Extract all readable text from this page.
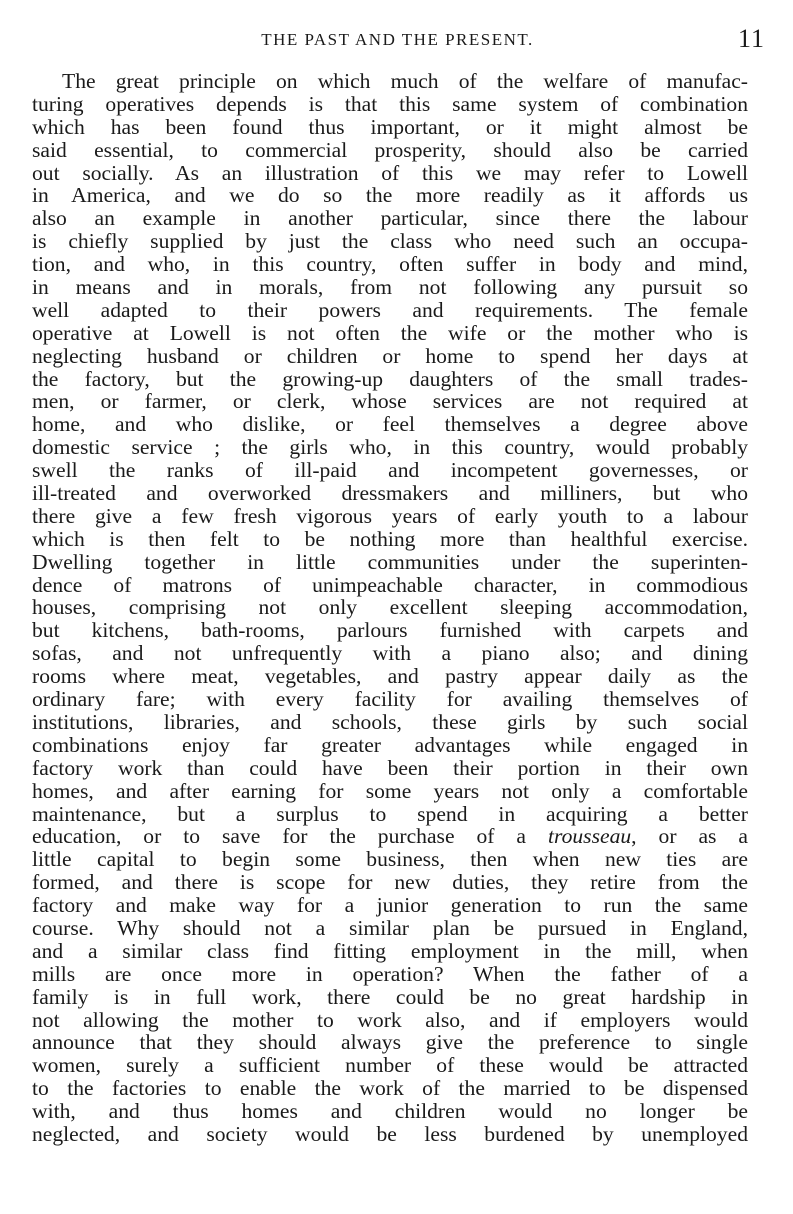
THE PAST AND THE PRESENT.	11
The great principle on which much of the welfare of manufac-
turing operatives depends is that this same system of combination
which has been found thus important, or it might almost be
said essential, to commercial prosperity, should also be carried
out socially. As an illustration of this we may refer to Lowell
in America, and we do so the more readily as it affords us
also an example in another particular, since there the labour
is chiefly supplied by just the class who need such an occupa-
tion, and who, in this country, often suffer in body and mind,
in means and in morals, from not following any pursuit so
well adapted to their powers and requirements. The female
operative at Lowell is not often the wife or the mother who is
neglecting husband or children or home to spend her days at
the factory, but the growing-up daughters of the small trades-
men, or farmer, or clerk, whose services are not required at
home, and who dislike, or feel themselves a degree above
domestic service ; the girls who, in this country, would probably
swell the ranks of ill-paid and incompetent governesses, or
ill-treated and overworked dressmakers and milliners, but who
there give a few fresh vigorous years of early youth to a labour
which is then felt to be nothing more than healthful exercise.
Dwelling together in little communities under the superinten-
dence of matrons of unimpeachable character, in commodious
houses, comprising not only excellent sleeping accommodation,
but kitchens, bath-rooms, parlours furnished with carpets and
sofas, and not unfrequently with a piano also; and dining
rooms where meat, vegetables, and pastry appear daily as the
ordinary fare; with every facility for availing themselves of
institutions, libraries, and schools, these girls by such social
combinations enjoy far greater advantages while engaged in
factory work than could have been their portion in their own
homes, and after earning for some years not only a comfortable
maintenance, but a surplus to spend in acquiring a better
education, or to save for the purchase of a trousseau, or as a
little capital to begin some business, then when new ties are
formed, and there is scope for new duties, they retire from the
factory and make way for a junior generation to run the same
course. Why should not a similar plan be pursued in England,
and a similar class find fitting employment in the mill, when
mills are once more in operation? When the father of a
family is in full work, there could be no great hardship in
not allowing the mother to work also, and if employers would
announce that they should always give the preference to single
women, surely a sufficient number of these would be attracted
to the factories to enable the work of the married to be dispensed
with, and thus homes and children would no longer be
neglected, and society would be less burdened by unemployed
